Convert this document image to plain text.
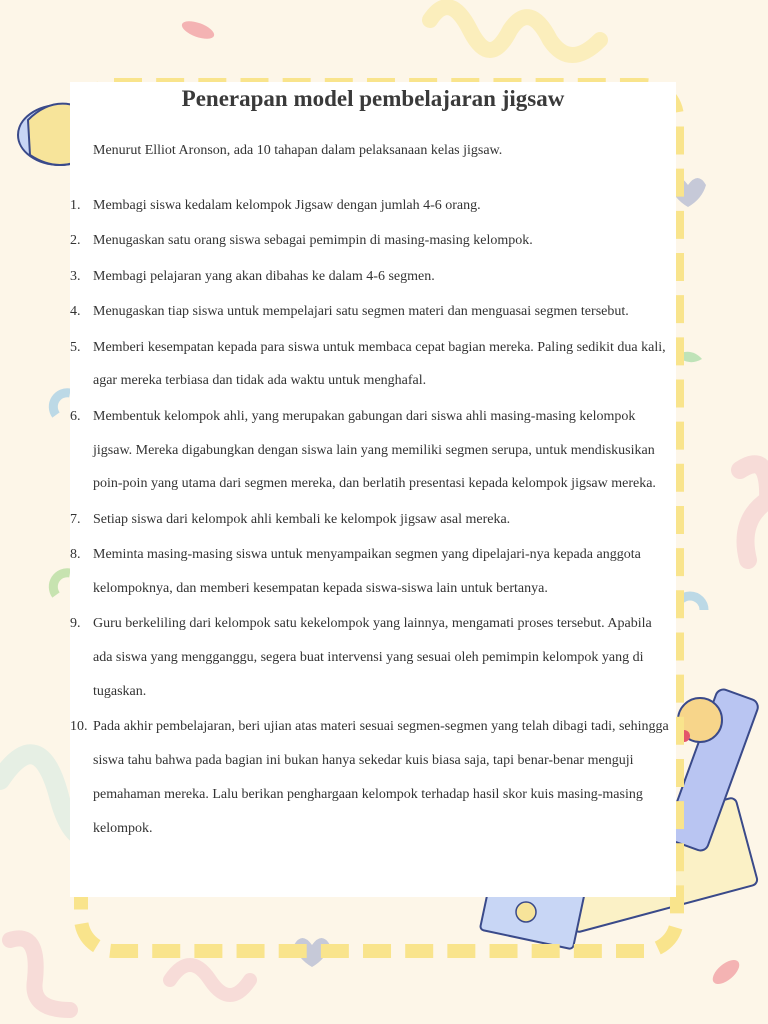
Penerapan model pembelajaran jigsaw

Menurut Elliot Aronson, ada 10 tahapan dalam pelaksanaan kelas jigsaw.

1. Membagi siswa kedalam kelompok Jigsaw dengan jumlah 4-6 orang.
2. Menugaskan satu orang siswa sebagai pemimpin di masing-masing kelompok.
3. Membagi pelajaran yang akan dibahas ke dalam 4-6 segmen.
4. Menugaskan tiap siswa untuk mempelajari satu segmen materi dan menguasai segmen tersebut.
5. Memberi kesempatan kepada para siswa untuk membaca cepat bagian mereka. Paling sedikit dua kali, agar mereka terbiasa dan tidak ada waktu untuk menghafal.
6. Membentuk kelompok ahli, yang merupakan gabungan dari siswa ahli masing-masing kelompok jigsaw. Mereka digabungkan dengan siswa lain yang memiliki segmen serupa, untuk mendiskusikan poin-poin yang utama dari segmen mereka, dan berlatih presentasi kepada kelompok jigsaw mereka.
7. Setiap siswa dari kelompok ahli kembali ke kelompok jigsaw asal mereka.
8. Meminta masing-masing siswa untuk menyampaikan segmen yang dipelajari-nya kepada anggota kelompoknya, dan memberi kesempatan kepada siswa-siswa lain untuk bertanya.
9. Guru berkeliling dari kelompok satu kekelompok yang lainnya, mengamati proses tersebut. Apabila ada siswa yang mengganggu, segera buat intervensi yang sesuai oleh pemimpin kelompok yang di tugaskan.
10. Pada akhir pembelajaran, beri ujian atas materi sesuai segmen-segmen yang telah dibagi tadi, sehingga siswa tahu bahwa pada bagian ini bukan hanya sekedar kuis biasa saja, tapi benar-benar menguji pemahaman mereka. Lalu berikan penghargaan kelompok terhadap hasil skor kuis masing-masing kelompok.
